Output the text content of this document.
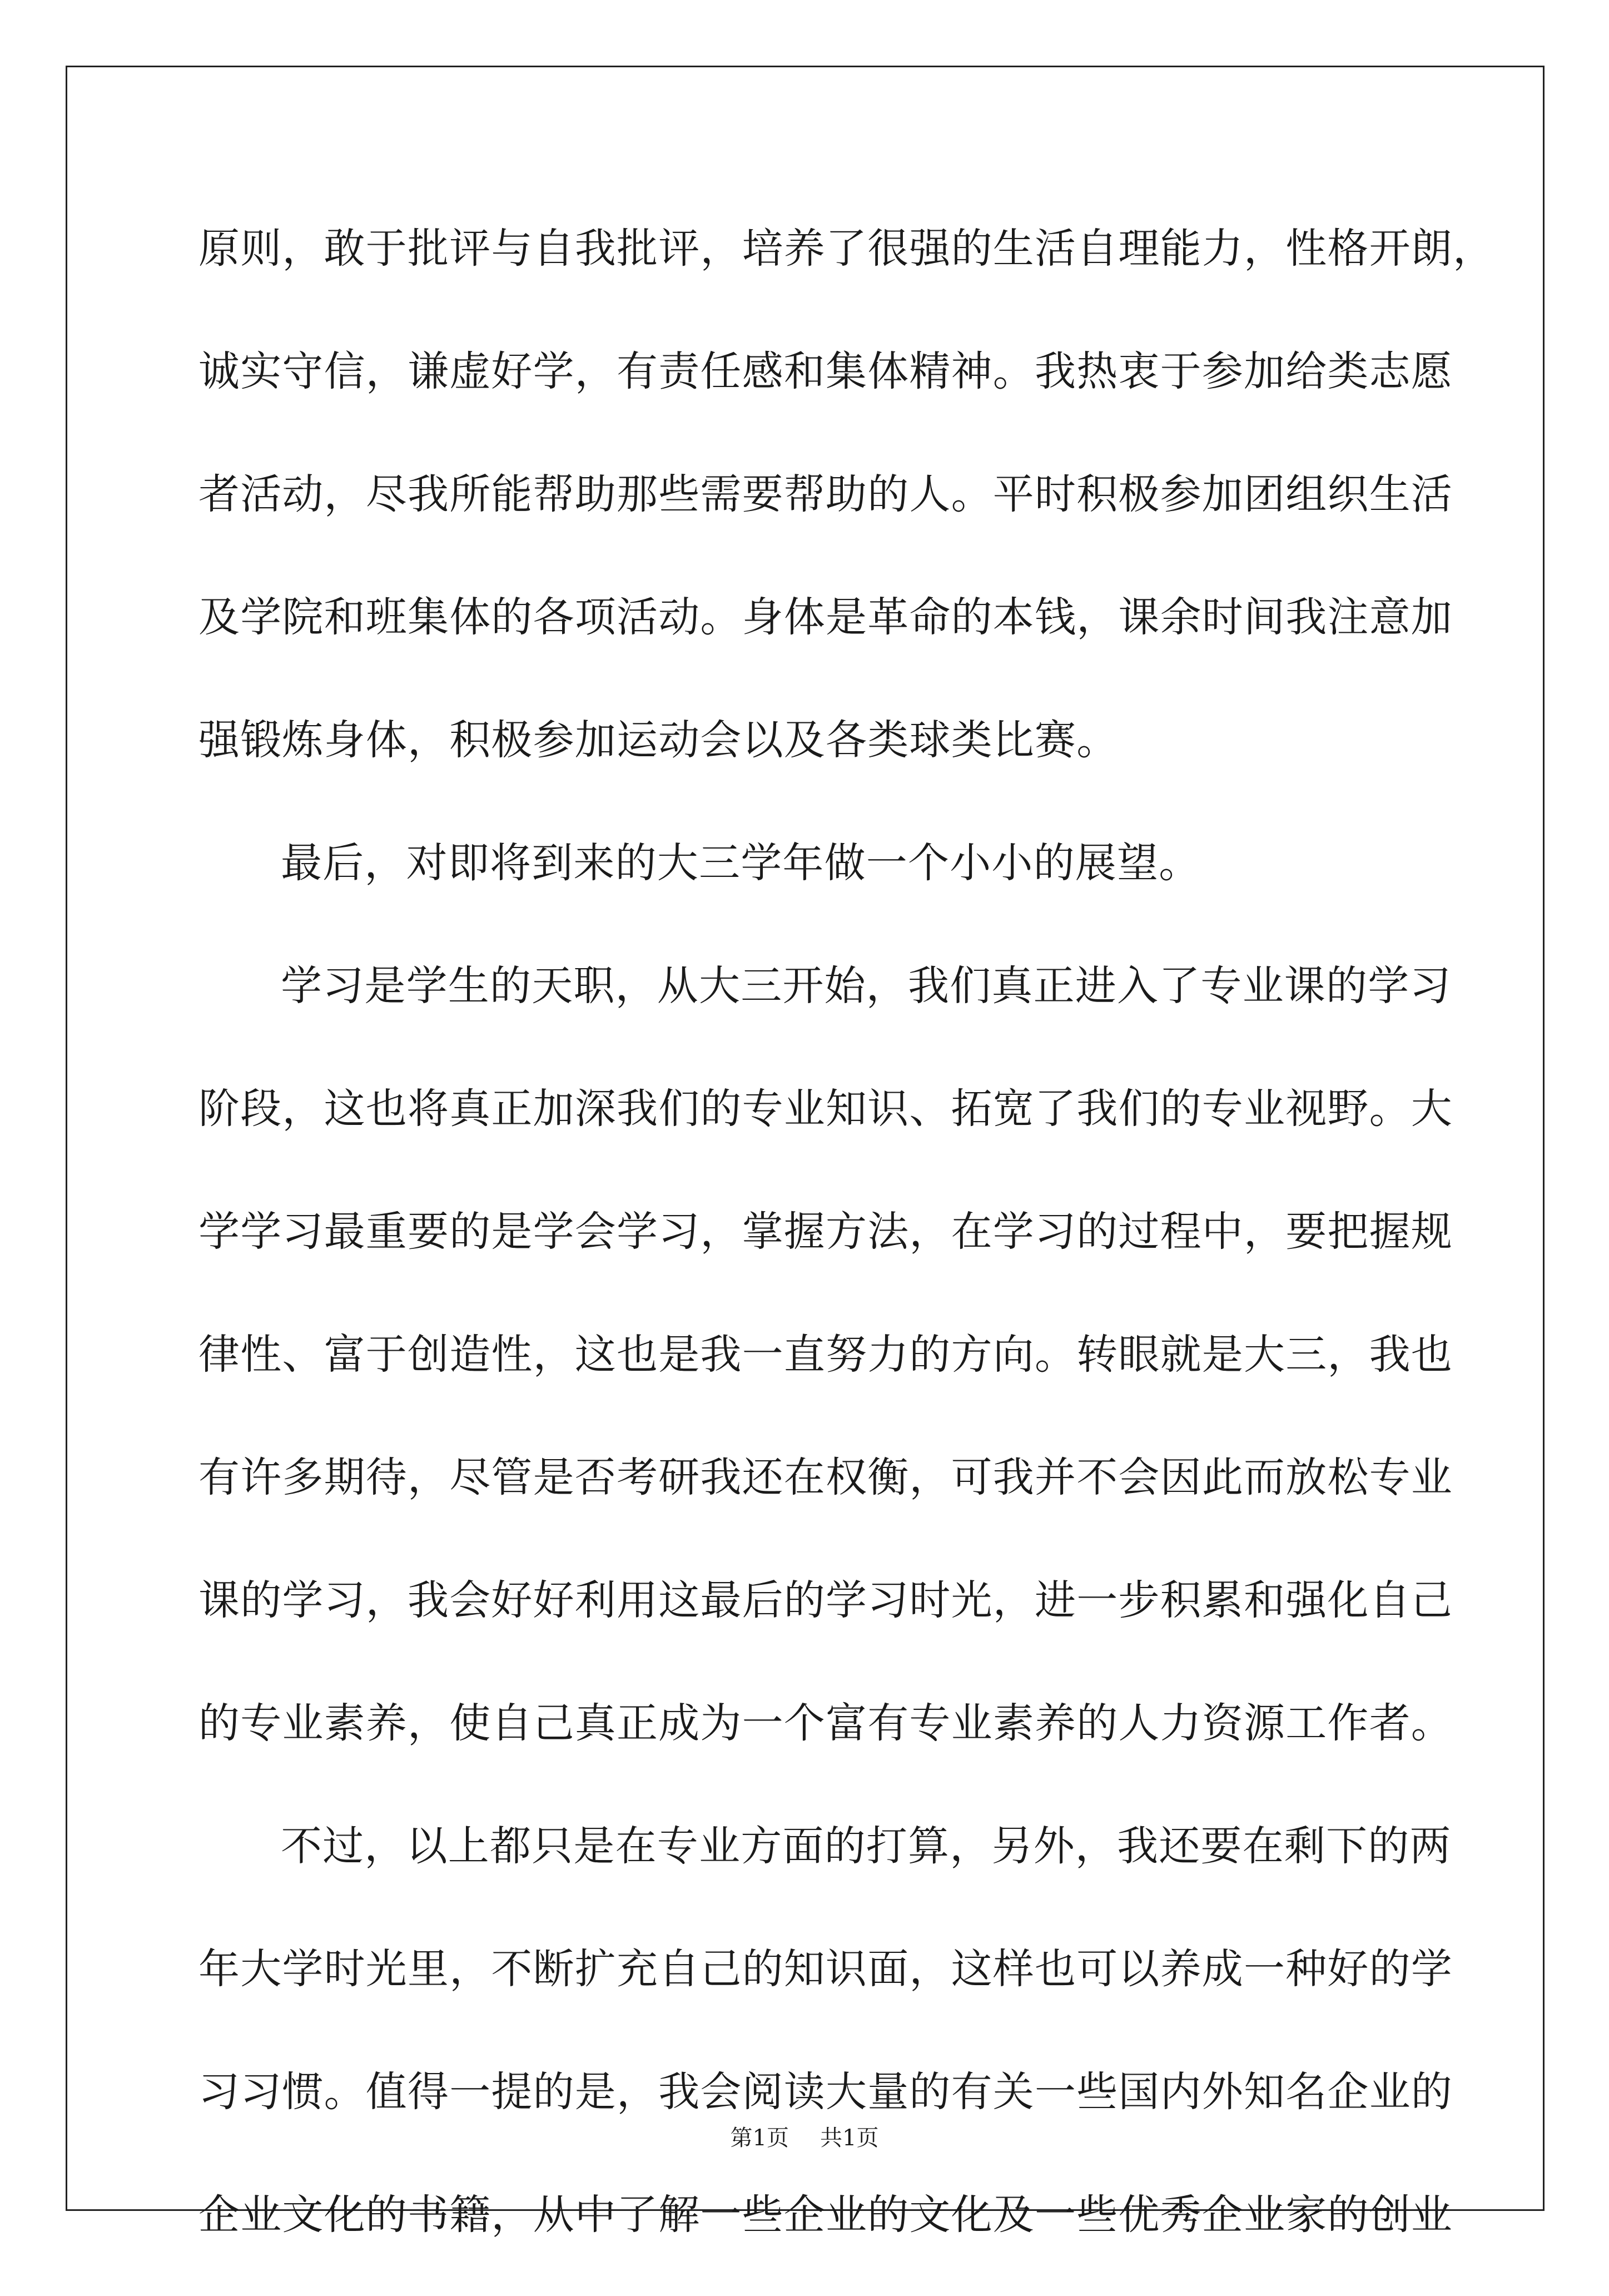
原则，敢于批评与自我批评，培养了很强的生活自理能力，性格开朗，
诚实守信，谦虚好学，有责任感和集体精神。我热衷于参加给类志愿
者活动，尽我所能帮助那些需要帮助的人。平时积极参加团组织生活
及学院和班集体的各项活动。身体是革命的本钱，课余时间我注意加
强锻炼身体，积极参加运动会以及各类球类比赛。
最后，对即将到来的大三学年做一个小小的展望。
学习是学生的天职，从大三开始，我们真正进入了专业课的学习
阶段，这也将真正加深我们的专业知识、拓宽了我们的专业视野。大
学学习最重要的是学会学习，掌握方法，在学习的过程中，要把握规
律性、富于创造性，这也是我一直努力的方向。转眼就是大三，我也
有许多期待，尽管是否考研我还在权衡，可我并不会因此而放松专业
课的学习，我会好好利用这最后的学习时光，进一步积累和强化自己
的专业素养，使自己真正成为一个富有专业素养的人力资源工作者。
不过，以上都只是在专业方面的打算，另外，我还要在剩下的两
年大学时光里，不断扩充自己的知识面，这样也可以养成一种好的学
习习惯。值得一提的是，我会阅读大量的有关一些国内外知名企业的
企业文化的书籍，从中了解一些企业的文化及一些优秀企业家的创业
第1页 共1页
